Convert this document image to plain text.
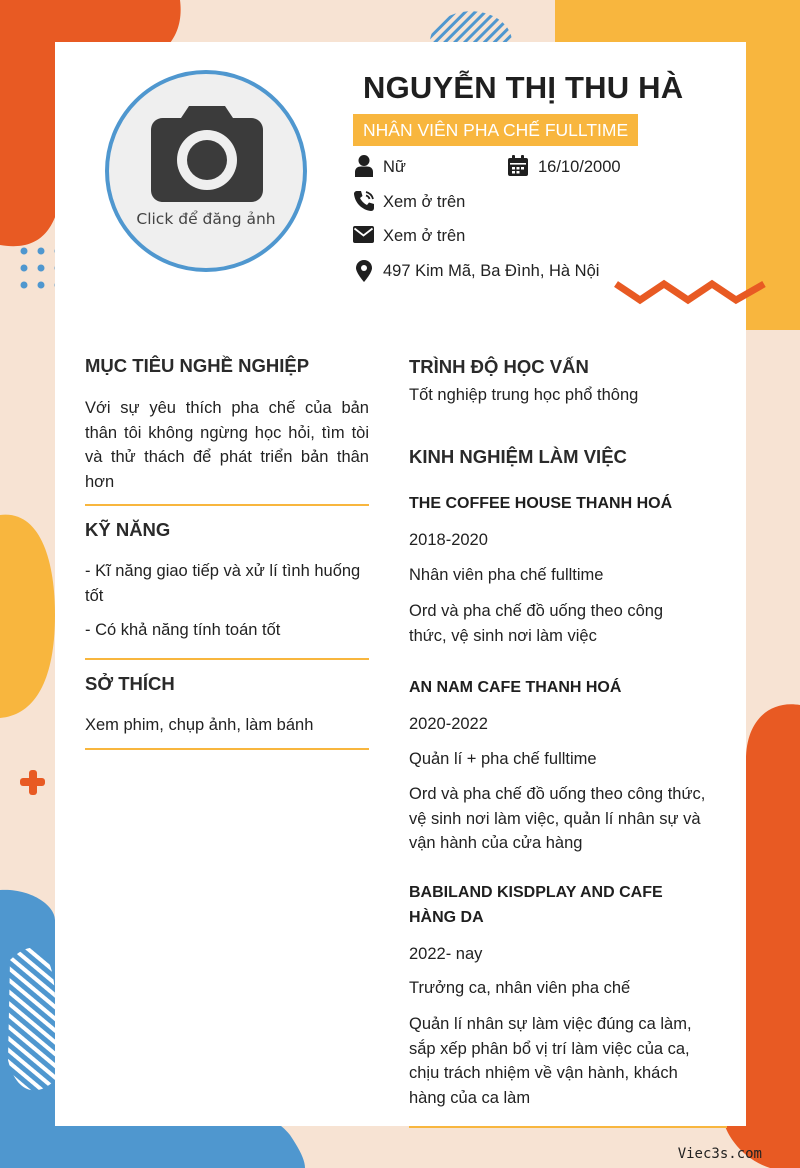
Click để đăng ảnh
NGUYỄN THỊ THU HÀ
NHÂN VIÊN PHA CHẾ FULLTIME
Nữ	16/10/2000
Xem ở trên
Xem ở trên
497 Kim Mã, Ba Đình, Hà Nội
MỤC TIÊU NGHỀ NGHIỆP
Với sự yêu thích pha chế của bản thân tôi không ngừng học hỏi, tìm tòi và thử thách để phát triển bản thân hơn
KỸ NĂNG
- Kĩ năng giao tiếp và xử lí tình huống tốt
- Có khả năng tính toán tốt
SỞ THÍCH
Xem phim, chụp ảnh, làm bánh
TRÌNH ĐỘ HỌC VẤN
Tốt nghiệp trung học phổ thông
KINH NGHIỆM LÀM VIỆC
THE COFFEE HOUSE THANH HOÁ
2018-2020
Nhân viên pha chế fulltime
Ord và pha chế đồ uống theo công thức, vệ sinh nơi làm việc
AN NAM CAFE THANH HOÁ
2020-2022
Quản lí + pha chế fulltime
Ord và pha chế đồ uống theo công thức, vệ sinh nơi làm việc, quản lí nhân sự và vận hành của cửa hàng
BABILAND KISDPLAY AND CAFE HÀNG DA
2022- nay
Trưởng ca, nhân viên pha chế
Quản lí nhân sự làm việc đúng ca làm, sắp xếp phân bổ vị trí làm việc của ca, chịu trách nhiệm về vận hành, khách hàng của ca làm
Viec3s.com
